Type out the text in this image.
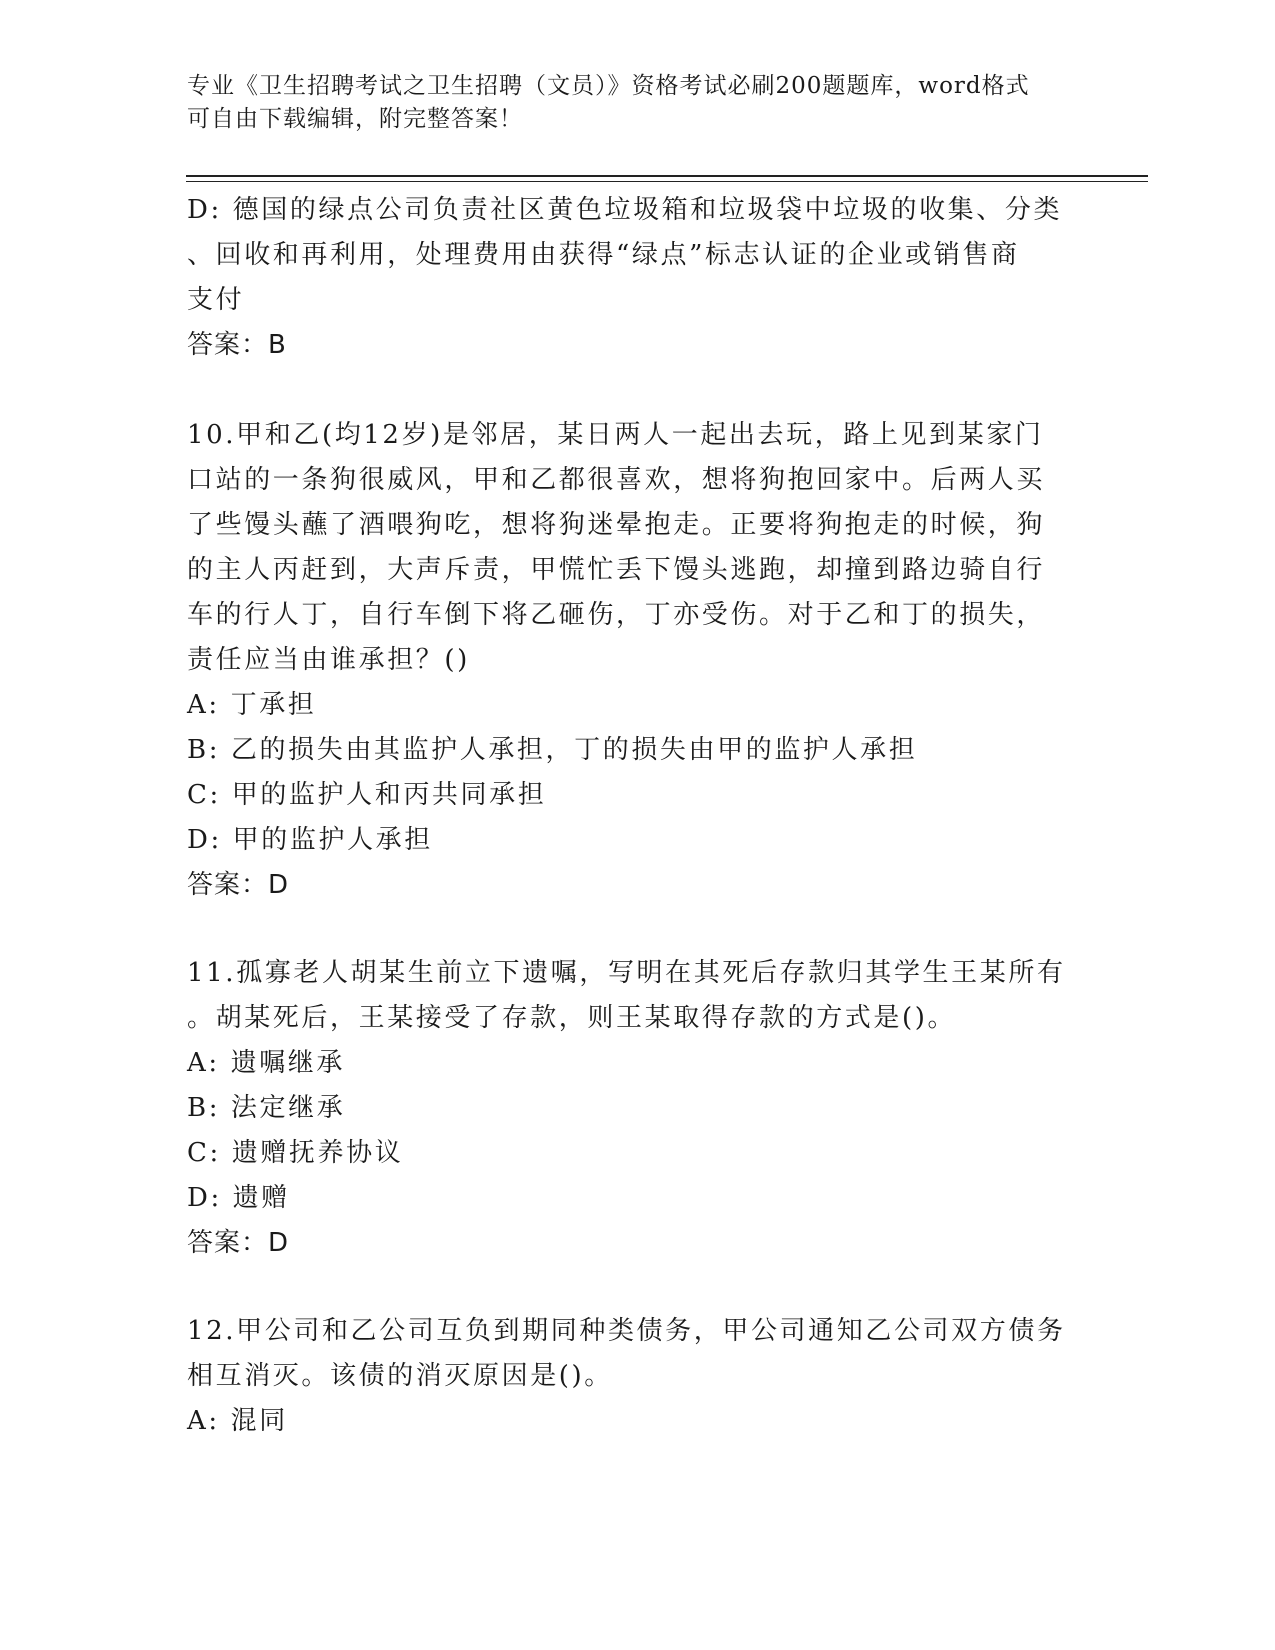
专业《卫生招聘考试之卫生招聘（文员）》资格考试必刷200题题库，word格式
可自由下载编辑，附完整答案！
D: 德国的绿点公司负责社区黄色垃圾箱和垃圾袋中垃圾的收集、分类
、回收和再利用，处理费用由获得“绿点”标志认证的企业或销售商
支付
答案：B
10.甲和乙(均12岁)是邻居，某日两人一起出去玩，路上见到某家门
口站的一条狗很威风，甲和乙都很喜欢，想将狗抱回家中。后两人买
了些馒头蘸了酒喂狗吃，想将狗迷晕抱走。正要将狗抱走的时候，狗
的主人丙赶到，大声斥责，甲慌忙丢下馒头逃跑，却撞到路边骑自行
车的行人丁，自行车倒下将乙砸伤，丁亦受伤。对于乙和丁的损失，
责任应当由谁承担？()
A: 丁承担
B: 乙的损失由其监护人承担，丁的损失由甲的监护人承担
C: 甲的监护人和丙共同承担
D: 甲的监护人承担
答案：D
11.孤寡老人胡某生前立下遗嘱，写明在其死后存款归其学生王某所有
。胡某死后，王某接受了存款，则王某取得存款的方式是()。
A: 遗嘱继承
B: 法定继承
C: 遗赠抚养协议
D: 遗赠
答案：D
12.甲公司和乙公司互负到期同种类债务，甲公司通知乙公司双方债务
相互消灭。该债的消灭原因是()。
A: 混同
